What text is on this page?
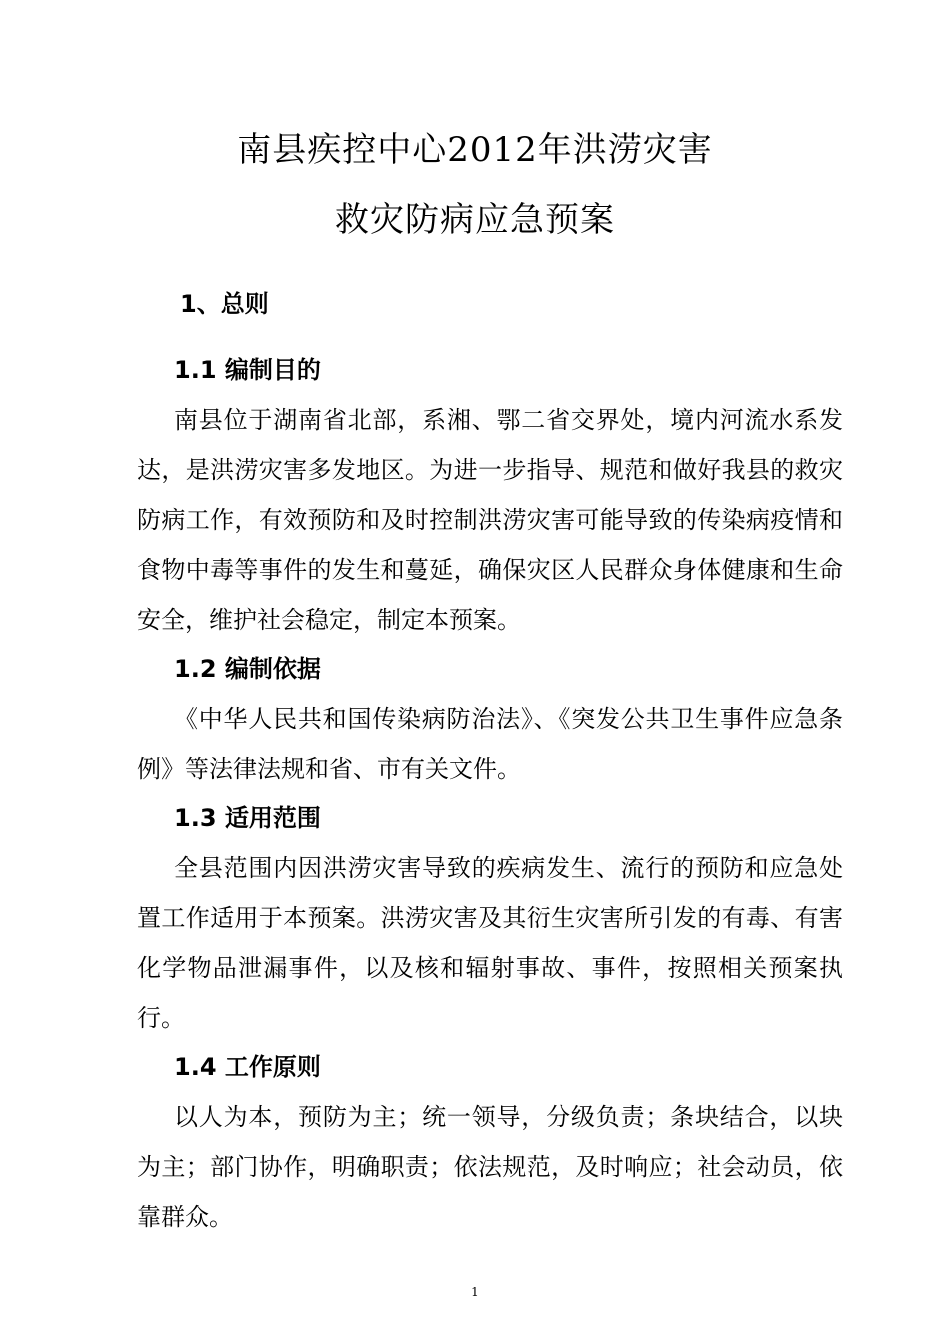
南县疾控中心2012年洪涝灾害
救灾防病应急预案
1、总则
1.1 编制目的
南县位于湖南省北部，系湘、鄂二省交界处，境内河流水系发达，是洪涝灾害多发地区。为进一步指导、规范和做好我县的救灾防病工作，有效预防和及时控制洪涝灾害可能导致的传染病疫情和食物中毒等事件的发生和蔓延，确保灾区人民群众身体健康和生命安全，维护社会稳定，制定本预案。
1.2 编制依据
《中华人民共和国传染病防治法》、《突发公共卫生事件应急条例》等法律法规和省、市有关文件。
1.3 适用范围
全县范围内因洪涝灾害导致的疾病发生、流行的预防和应急处置工作适用于本预案。洪涝灾害及其衍生灾害所引发的有毒、有害化学物品泄漏事件，以及核和辐射事故、事件，按照相关预案执行。
1.4 工作原则
以人为本，预防为主；统一领导，分级负责；条块结合，以块为主；部门协作，明确职责；依法规范，及时响应；社会动员，依靠群众。
1
